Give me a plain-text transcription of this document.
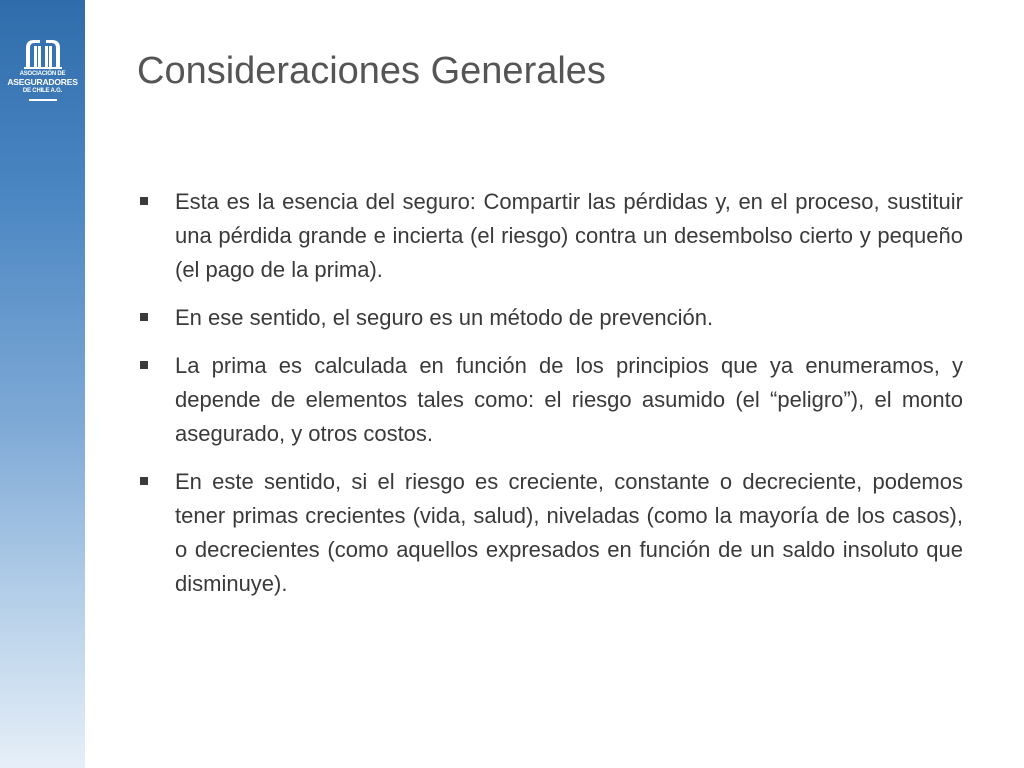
ASOCIACIÓN DE
ASEGURADORES
DE CHILE A.G.	Consideraciones Generales
Esta es la esencia del seguro: Compartir las pérdidas y, en el proceso, sustituir una pérdida grande e incierta (el riesgo) contra un desembolso cierto y pequeño (el pago de la prima).
En ese sentido, el seguro es un método de prevención.
La prima es calculada en función de los principios que ya enumeramos, y depende de elementos tales como: el riesgo asumido (el “peligro”), el monto asegurado, y otros costos.
En este sentido, si el riesgo es creciente, constante o decreciente, podemos tener primas crecientes (vida, salud), niveladas (como la mayoría de los casos), o decrecientes (como aquellos expresados en función de un saldo insoluto que disminuye).
